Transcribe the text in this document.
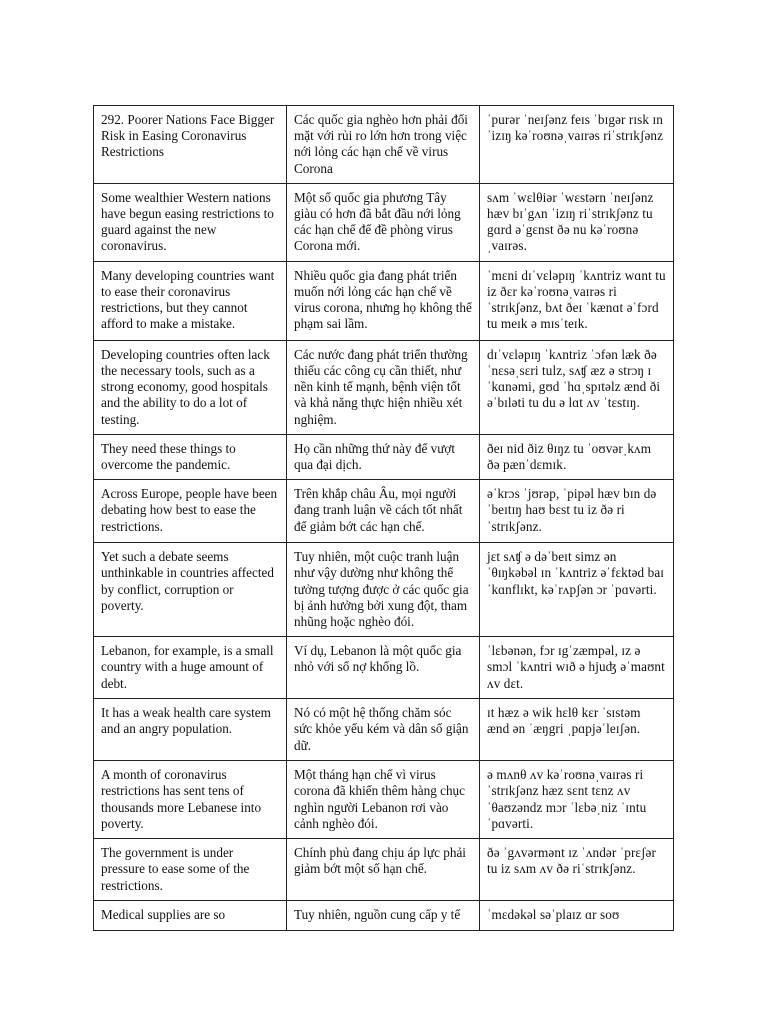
292. Poorer Nations Face Bigger Risk in Easing Coronavirus Restrictions	Các quốc gia nghèo hơn phải đối mặt với rủi ro lớn hơn trong việc nới lỏng các hạn chế về virus Corona	ˈpurər ˈneɪʃənz feɪs ˈbɪgər rɪsk ɪn ˈizɪŋ kəˈroʊnəˌvaɪrəs riˈstrɪkʃənz
Some wealthier Western nations have begun easing restrictions to guard against the new coronavirus.	Một số quốc gia phương Tây giàu có hơn đã bắt đầu nới lỏng các hạn chế để đề phòng virus Corona mới.	sʌm ˈwɛlθiər ˈwɛstərn ˈneɪʃənz hæv bɪˈgʌn ˈizɪŋ riˈstrɪkʃənz tu gɑrd əˈgɛnst ðə nu kəˈroʊnəˌvaɪrəs.
Many developing countries want to ease their coronavirus restrictions, but they cannot afford to make a mistake.	Nhiều quốc gia đang phát triển muốn nới lỏng các hạn chế về virus corona, nhưng họ không thể phạm sai lầm.	ˈmɛni dɪˈvɛləpɪŋ ˈkʌntriz wɑnt tu iz ðɛr kəˈroʊnəˌvaɪrəs riˈstrɪkʃənz, bʌt ðeɪ ˈkænɑt əˈfɔrd tu meɪk ə mɪsˈteɪk.
Developing countries often lack the necessary tools, such as a strong economy, good hospitals and the ability to do a lot of testing.	Các nước đang phát triển thường thiếu các công cụ cần thiết, như nền kinh tế mạnh, bệnh viện tốt và khả năng thực hiện nhiều xét nghiệm.	dɪˈvɛləpɪŋ ˈkʌntriz ˈɔfən læk ðə ˈnɛsəˌsɛri tulz, sʌʧ æz ə strɔŋ ɪˈkɑnəmi, gʊd ˈhɑˌspɪtəlz ænd ði əˈbɪləti tu du ə lɑt ʌv ˈtɛstɪŋ.
They need these things to overcome the pandemic.	Họ cần những thứ này để vượt qua đại dịch.	ðeɪ nid ðiz θɪŋz tu ˈoʊvərˌkʌm ðə pænˈdɛmɪk.
Across Europe, people have been debating how best to ease the restrictions.	Trên khắp châu Âu, mọi người đang tranh luận về cách tốt nhất để giảm bớt các hạn chế.	əˈkrɔs ˈjʊrəp, ˈpipəl hæv bɪn dəˈbeɪtɪŋ haʊ bɛst tu iz ðə riˈstrɪkʃənz.
Yet such a debate seems unthinkable in countries affected by conflict, corruption or poverty.	Tuy nhiên, một cuộc tranh luận như vậy dường như không thể tưởng tượng được ở các quốc gia bị ảnh hưởng bởi xung đột, tham nhũng hoặc nghèo đói.	jɛt sʌʧ ə dəˈbeɪt simz ənˈθɪŋkəbəl ɪn ˈkʌntriz əˈfɛktəd baɪ ˈkɑnflɪkt, kəˈrʌpʃən ɔr ˈpɑvərti.
Lebanon, for example, is a small country with a huge amount of debt.	Ví dụ, Lebanon là một quốc gia nhỏ với số nợ khổng lồ.	ˈlɛbənən, fɔr ɪgˈzæmpəl, ɪz ə smɔl ˈkʌntri wɪð ə hjuʤ əˈmaʊnt ʌv dɛt.
It has a weak health care system and an angry population.	Nó có một hệ thống chăm sóc sức khỏe yếu kém và dân số giận dữ.	ɪt hæz ə wik hɛlθ kɛr ˈsɪstəm ænd ən ˈæŋgri ˌpɑpjəˈleɪʃən.
A month of coronavirus restrictions has sent tens of thousands more Lebanese into poverty.	Một tháng hạn chế vì virus corona đã khiến thêm hàng chục nghìn người Lebanon rơi vào cảnh nghèo đói.	ə mʌnθ ʌv kəˈroʊnəˌvaɪrəs riˈstrɪkʃənz hæz sɛnt tɛnz ʌv ˈθaʊzəndz mɔr ˈlɛbəˌniz ˈɪntu ˈpɑvərti.
The government is under pressure to ease some of the restrictions.	Chính phủ đang chịu áp lực phải giảm bớt một số hạn chế.	ðə ˈgʌvərmənt ɪz ˈʌndər ˈprɛʃər tu iz sʌm ʌv ðə riˈstrɪkʃənz.
Medical supplies are so	Tuy nhiên, nguồn cung cấp y tế	ˈmɛdəkəl səˈplaɪz ɑr soʊ
